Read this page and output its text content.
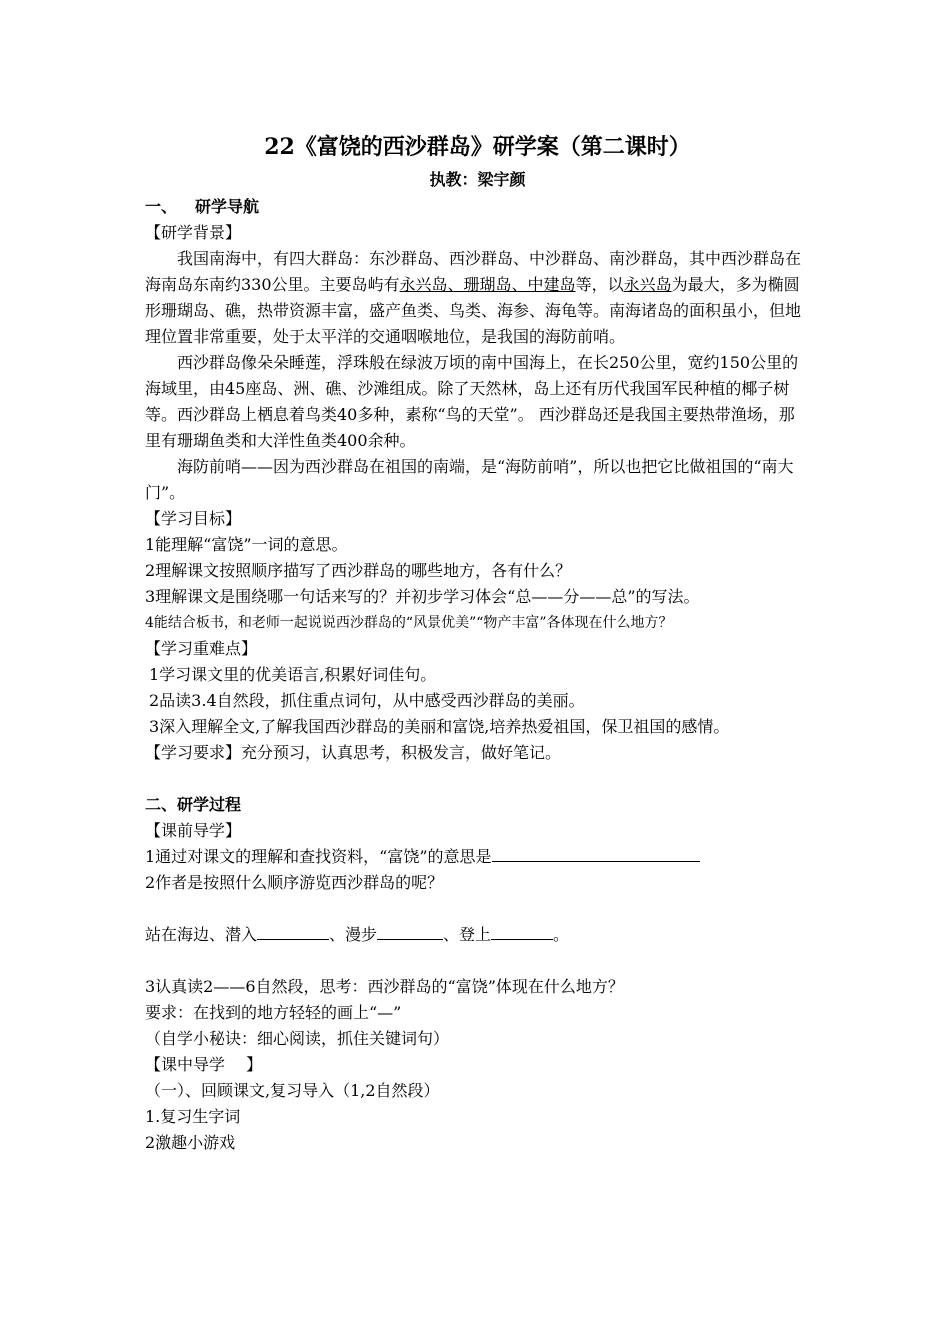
22《富饶的西沙群岛》研学案（第二课时）

执教：梁宇颜

一、 研学导航

【研学背景】

我国南海中，有四大群岛：东沙群岛、西沙群岛、中沙群岛、南沙群岛，其中西沙群岛在海南岛东南约330公里。主要岛屿有永兴岛、珊瑚岛、中建岛等，以永兴岛为最大，多为椭圆形珊瑚岛、礁，热带资源丰富，盛产鱼类、鸟类、海参、海龟等。南海诸岛的面积虽小，但地理位置非常重要，处于太平洋的交通咽喉地位，是我国的海防前哨。

西沙群岛像朵朵睡莲，浮珠般在绿波万顷的南中国海上，在长250公里，宽约150公里的海域里，由45座岛、洲、礁、沙滩组成。除了天然林，岛上还有历代我国军民种植的椰子树等。西沙群岛上栖息着鸟类40多种，素称“鸟的天堂”。 西沙群岛还是我国主要热带渔场，那里有珊瑚鱼类和大洋性鱼类400余种。

海防前哨——因为西沙群岛在祖国的南端，是“海防前哨”，所以也把它比做祖国的“南大门”。

【学习目标】

1能理解“富饶”一词的意思。

2理解课文按照顺序描写了西沙群岛的哪些地方，各有什么？

3理解课文是围绕哪一句话来写的？并初步学习体会“总——分——总”的写法。

4能结合板书，和老师一起说说西沙群岛的“风景优美”“物产丰富”各体现在什么地方？

【学习重难点】

1学习课文里的优美语言,积累好词佳句。

2品读3.4自然段，抓住重点词句，从中感受西沙群岛的美丽。

3深入理解全文,了解我国西沙群岛的美丽和富饶,培养热爱祖国，保卫祖国的感情。

【学习要求】充分预习，认真思考，积极发言，做好笔记。

二、研学过程

【课前导学】

1通过对课文的理解和查找资料，“富饶”的意思是

2作者是按照什么顺序游览西沙群岛的呢？

站在海边、潜入	、漫步	、登上	。

3认真读2——6自然段，思考：西沙群岛的“富饶”体现在什么地方？

要求：在找到的地方轻轻的画上“—”

（自学小秘诀：细心阅读，抓住关键词句）

【课中导学　 】

（一）、回顾课文,复习导入（1,2自然段）

1.复习生字词

2激趣小游戏
